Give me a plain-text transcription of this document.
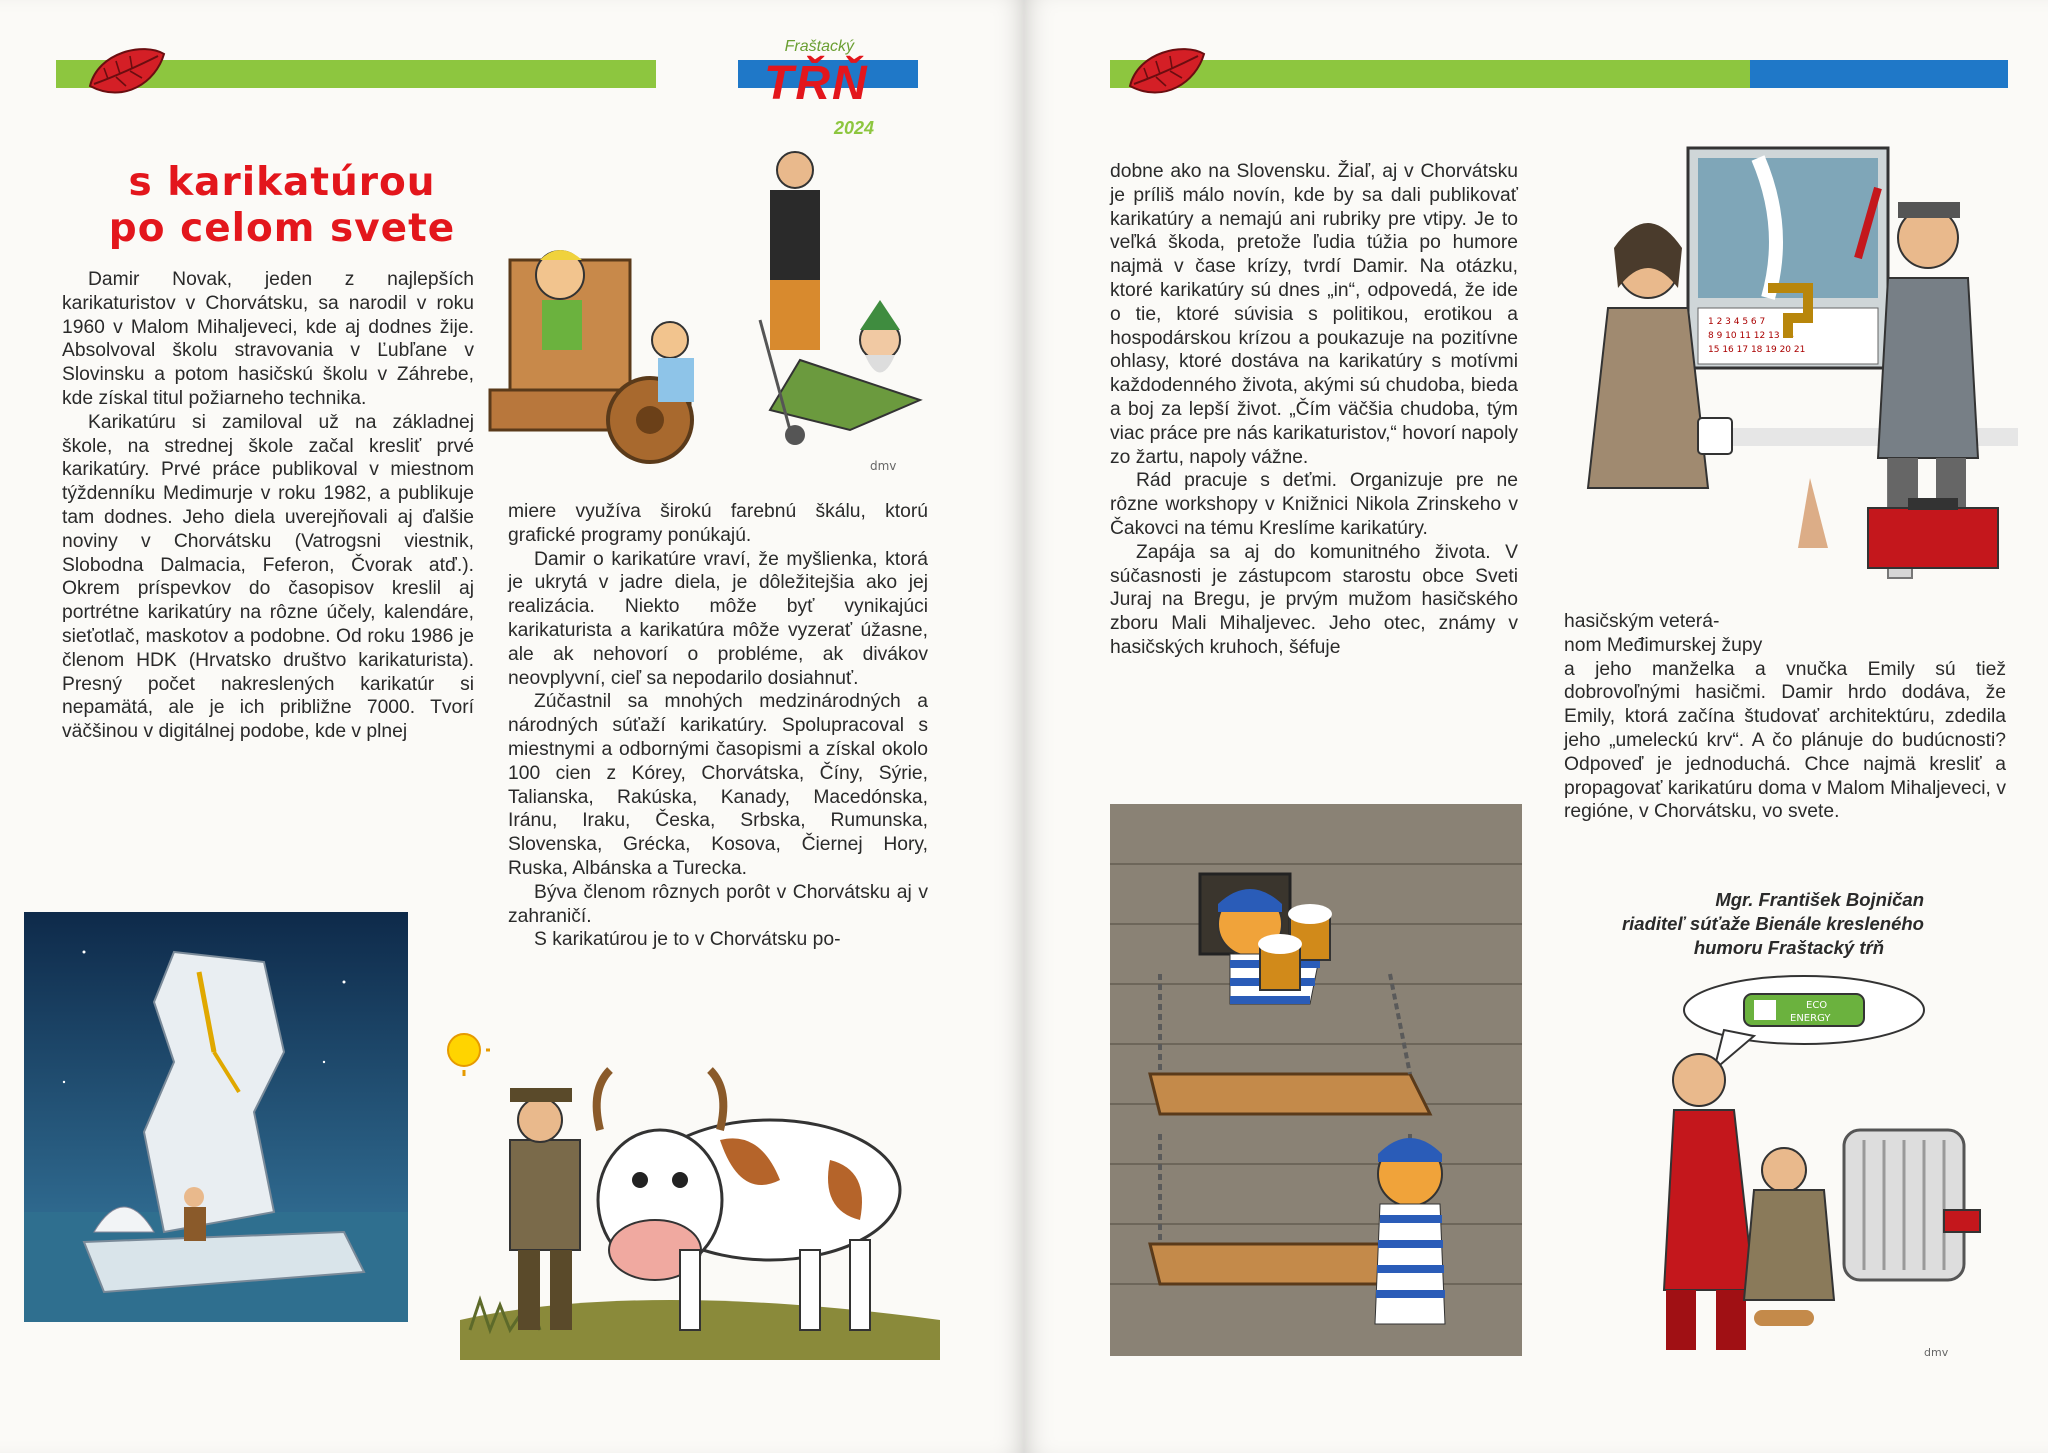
Fraštacký
TŘŇ
2024
s karikatúrou
po celom svete
dmv

Damir Novak, jeden z najlepších karikaturistov v Chorvátsku, sa narodil v roku 1960 v Malom Mihaljeveci, kde aj dodnes žije. Absolvoval školu stravovania v Ľubľane v Slovinsku a potom hasičskú školu v Záhrebe, kde získal titul požiarneho technika.

Karikatúru si zamiloval už na základnej škole, na strednej škole začal kresliť prvé karikatúry. Prvé práce publikoval v miestnom týždenníku Medimurje v roku 1982, a publikuje tam dodnes. Jeho diela uverejňovali aj ďalšie noviny v Chorvátsku (Vatrogsni viestnik, Slobodna Dalmacia, Feferon, Čvorak atď.). Okrem príspevkov do časopisov kreslil aj portrétne karikatúry na rôzne účely, kalendáre, sieťotlač, maskotov a podobne. Od roku 1986 je členom HDK (Hrvatsko društvo karikaturista). Presný počet nakreslených karikatúr si nepamätá, ale je ich približne 7000. Tvorí väčšinou v digitálnej podobe, kde v plnej

miere využíva širokú farebnú škálu, ktorú grafické programy ponúkajú.

Damir o karikatúre vraví, že myšlienka, ktorá je ukrytá v jadre diela, je dôležitejšia ako jej realizácia. Niekto môže byť vynikajúci karikaturista a karikatúra môže vyzerať úžasne, ale ak nehovorí o probléme, ak divákov neovplyvní, cieľ sa nepodarilo dosiahnuť.

Zúčastnil sa mnohých medzinárodných a národných súťaží karikatúry. Spolupracoval s miestnymi a odbornými časopismi a získal okolo 100 cien z Kórey, Chorvátska, Číny, Sýrie, Talianska, Rakúska, Kanady, Macedónska, Iránu, Iraku, Česka, Srbska, Rumunska, Slovenska, Grécka, Kosova, Čiernej Hory, Ruska, Albánska a Turecka.

Býva členom rôznych porôt v Chorvátsku aj v zahraničí.

S karikatúrou je to v Chorvátsku po-

dobne ako na Slovensku. Žiaľ, aj v Chorvátsku je príliš málo novín, kde by sa dali publikovať karikatúry a nemajú ani rubriky pre vtipy. Je to veľká škoda, pretože ľudia túžia po humore najmä v čase krízy, tvrdí Damir. Na otázku, ktoré karikatúry sú dnes „in“, odpovedá, že ide o tie, ktoré súvisia s politikou, erotikou a hospodárskou krízou a poukazuje na pozitívne ohlasy, ktoré dostáva na karikatúry s motívmi každodenného života, akými sú chudoba, bieda a boj za lepší život. „Čím väčšia chudoba, tým viac práce pre nás karikaturistov,“ hovorí napoly zo žartu, napoly vážne.

Rád pracuje s deťmi. Organizuje pre ne rôzne workshopy v Knižnici Nikola Zrinskeho v Čakovci na tému Kreslíme karikatúry.

Zapája sa aj do komunitného života. V súčasnosti je zástupcom starostu obce Sveti Juraj na Bregu, je prvým mužom hasičského zboru Mali Mihaljevec. Jeho otec, známy v hasičských kruhoch, šéfuje

1 2 3 4 5 6 7
8 9 10 11 12 13 14
15 16 17 18 19 20 21

hasičským veterá-

nom Međimurskej župy

a jeho manželka a vnučka Emily sú tiež dobrovoľnými hasičmi. Damir hrdo dodáva, že Emily, ktorá začína študovať architektúru, zdedila jeho „umeleckú krv“. A čo plánuje do budúcnosti? Odpoveď je jednoduchá. Chce najmä kresliť a propagovať karikatúru doma v Malom Mihaljeveci, v regióne, v Chorvátsku, vo svete.

Mgr. František Bojničan
riaditeľ súťaže Bienále kresleného
humoru Fraštacký tŕň
ECO
ENERGY
dmv
